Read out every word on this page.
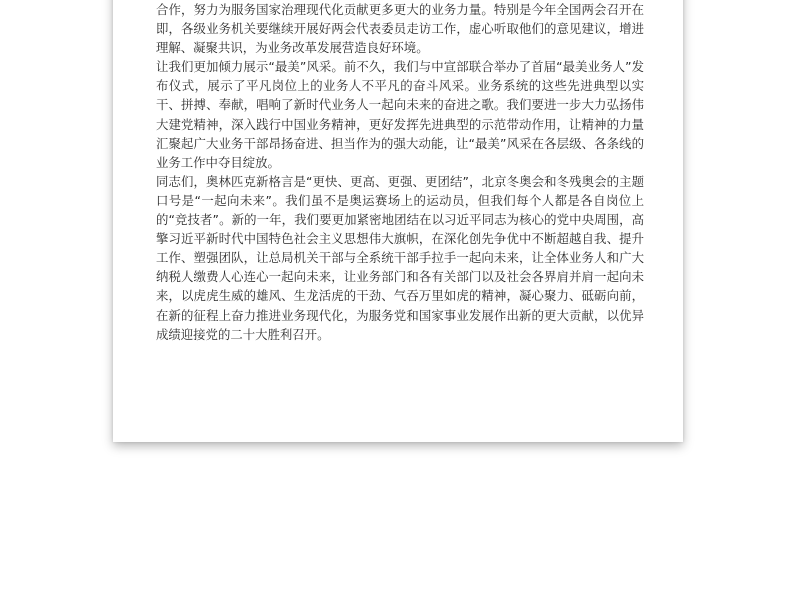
合作，努力为服务国家治理现代化贡献更多更大的业务力量。特别是今年全国两会召开在即，各级业务机关要继续开展好两会代表委员走访工作，虚心听取他们的意见建议，增进理解、凝聚共识，为业务改革发展营造良好环境。

让我们更加倾力展示“最美”风采。前不久，我们与中宣部联合举办了首届“最美业务人”发布仪式，展示了平凡岗位上的业务人不平凡的奋斗风采。业务系统的这些先进典型以实干、拼搏、奉献，唱响了新时代业务人一起向未来的奋进之歌。我们要进一步大力弘扬伟大建党精神，深入践行中国业务精神，更好发挥先进典型的示范带动作用，让精神的力量汇聚起广大业务干部昂扬奋进、担当作为的强大动能，让“最美”风采在各层级、各条线的业务工作中夺目绽放。

同志们，奥林匹克新格言是“更快、更高、更强、更团结”，北京冬奥会和冬残奥会的主题口号是“一起向未来”。我们虽不是奥运赛场上的运动员，但我们每个人都是各自岗位上的“竞技者”。新的一年，我们要更加紧密地团结在以习近平同志为核心的党中央周围，高擎习近平新时代中国特色社会主义思想伟大旗帜，在深化创先争优中不断超越自我、提升工作、塑强团队，让总局机关干部与全系统干部手拉手一起向未来，让全体业务人和广大纳税人缴费人心连心一起向未来，让业务部门和各有关部门以及社会各界肩并肩一起向未来，以虎虎生威的雄风、生龙活虎的干劲、气吞万里如虎的精神，凝心聚力、砥砺向前，在新的征程上奋力推进业务现代化，为服务党和国家事业发展作出新的更大贡献，以优异成绩迎接党的二十大胜利召开。
